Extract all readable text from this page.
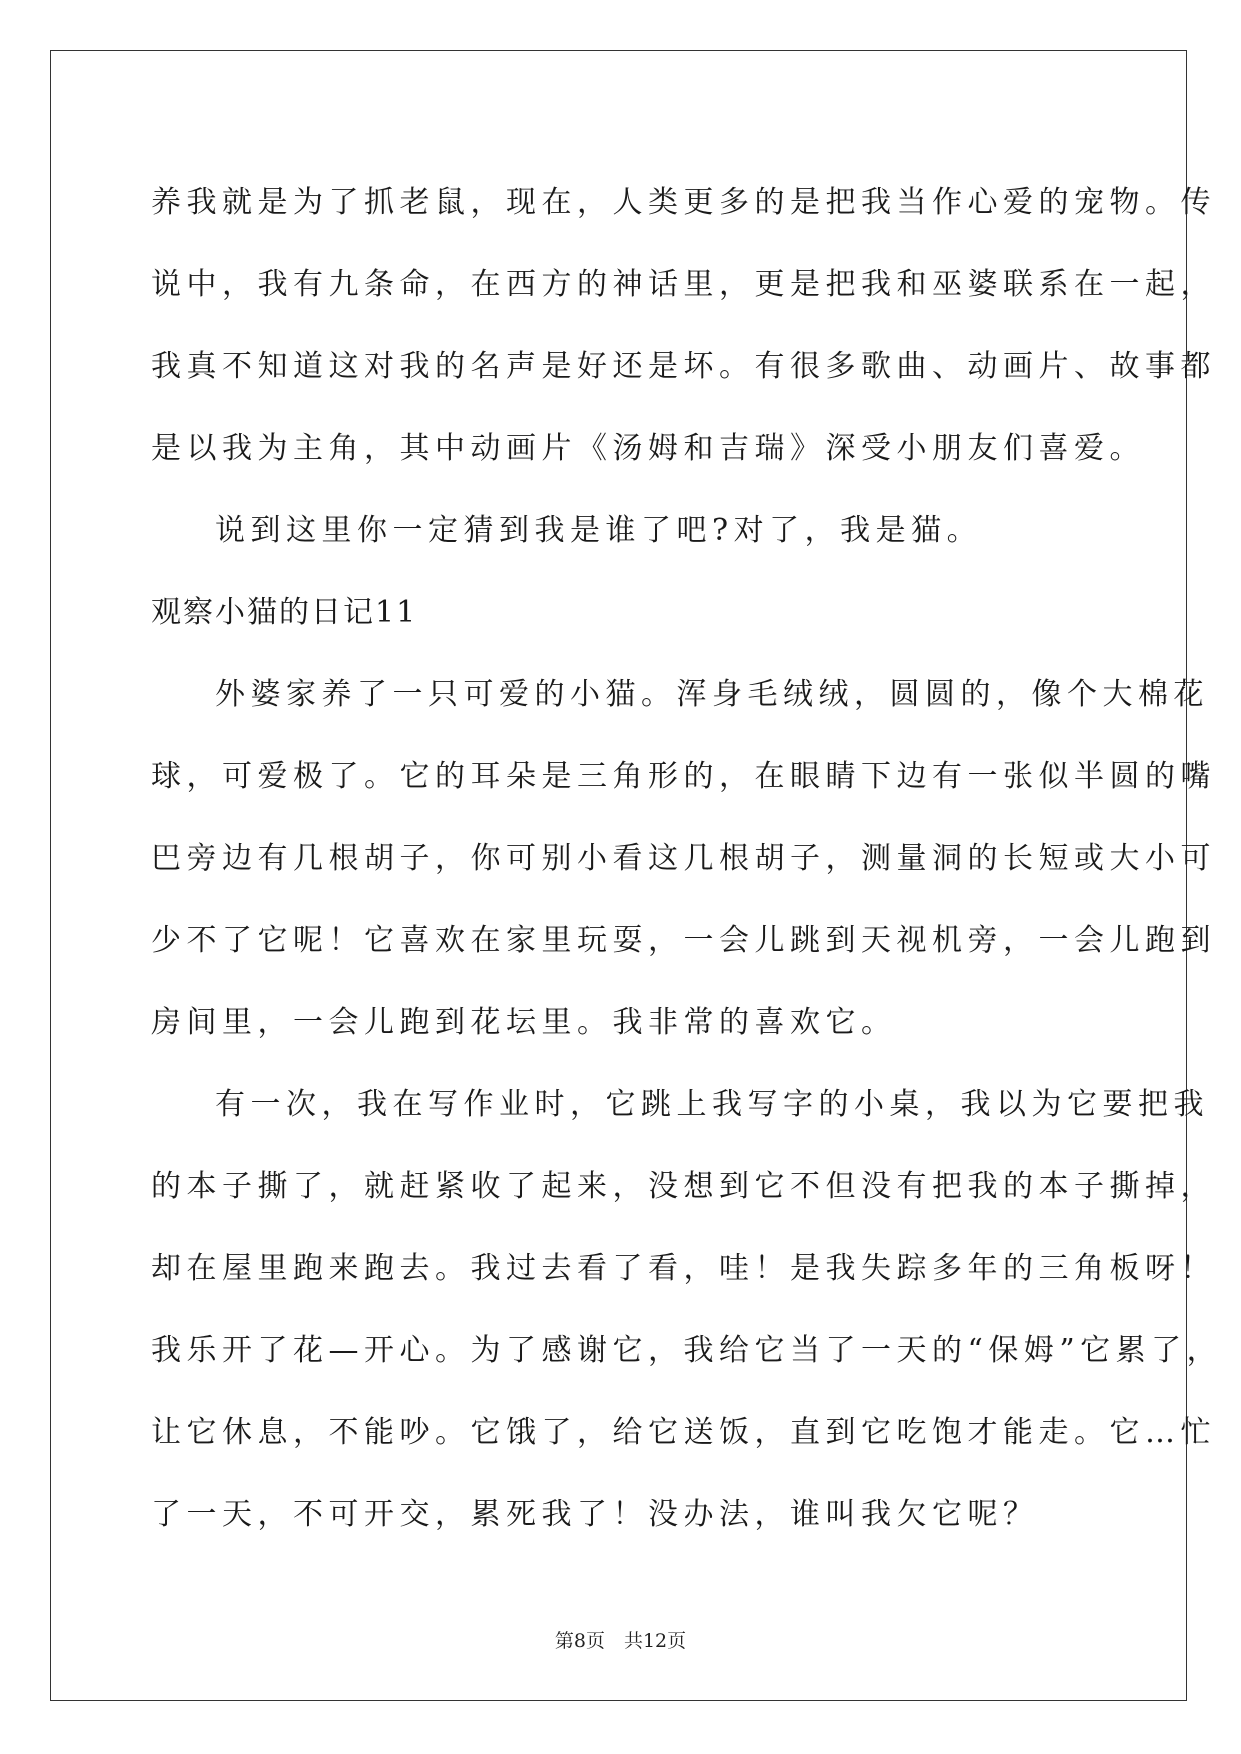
养我就是为了抓老鼠，现在，人类更多的是把我当作心爱的宠物。传
说中，我有九条命，在西方的神话里，更是把我和巫婆联系在一起，
我真不知道这对我的名声是好还是坏。有很多歌曲、动画片、故事都
是以我为主角，其中动画片《汤姆和吉瑞》深受小朋友们喜爱。
说到这里你一定猜到我是谁了吧?对了，我是猫。
观察小猫的日记11
外婆家养了一只可爱的小猫。浑身毛绒绒，圆圆的，像个大棉花
球，可爱极了。它的耳朵是三角形的，在眼睛下边有一张似半圆的嘴
巴旁边有几根胡子，你可别小看这几根胡子，测量洞的长短或大小可
少不了它呢！它喜欢在家里玩耍，一会儿跳到天视机旁，一会儿跑到
房间里，一会儿跑到花坛里。我非常的喜欢它。
有一次，我在写作业时，它跳上我写字的小桌，我以为它要把我
的本子撕了，就赶紧收了起来，没想到它不但没有把我的本子撕掉，
却在屋里跑来跑去。我过去看了看，哇！是我失踪多年的三角板呀！
我乐开了花—开心。为了感谢它，我给它当了一天的“保姆”它累了，
让它休息，不能吵。它饿了，给它送饭，直到它吃饱才能走。它…忙
了一天，不可开交，累死我了！没办法，谁叫我欠它呢？
第8页　共12页
